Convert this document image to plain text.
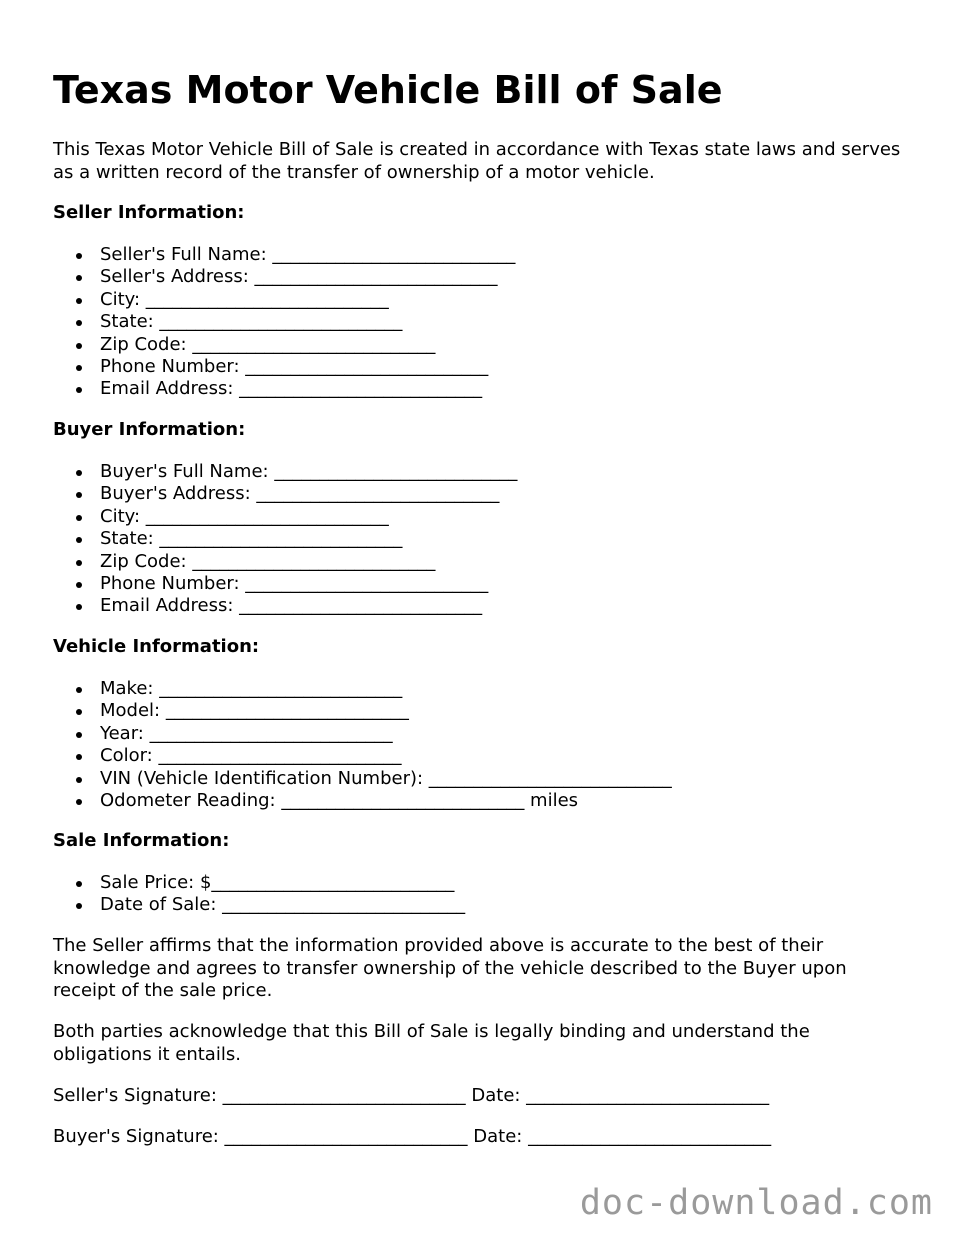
Texas Motor Vehicle Bill of Sale

This Texas Motor Vehicle Bill of Sale is created in accordance with Texas state laws and serves as a written record of the transfer of ownership of a motor vehicle.

Seller Information:

Seller's Full Name: ___________________________
Seller's Address: ___________________________
City: ___________________________
State: ___________________________
Zip Code: ___________________________
Phone Number: ___________________________
Email Address: ___________________________

Buyer Information:

Buyer's Full Name: ___________________________
Buyer's Address: ___________________________
City: ___________________________
State: ___________________________
Zip Code: ___________________________
Phone Number: ___________________________
Email Address: ___________________________

Vehicle Information:

Make: ___________________________
Model: ___________________________
Year: ___________________________
Color: ___________________________
VIN (Vehicle Identification Number): ___________________________
Odometer Reading: ___________________________ miles

Sale Information:

Sale Price: $___________________________
Date of Sale: ___________________________

The Seller affirms that the information provided above is accurate to the best of their knowledge and agrees to transfer ownership of the vehicle described to the Buyer upon receipt of the sale price.

Both parties acknowledge that this Bill of Sale is legally binding and understand the obligations it entails.

Seller's Signature: ___________________________ Date: ___________________________

Buyer's Signature: ___________________________ Date: ___________________________

doc-download.com
